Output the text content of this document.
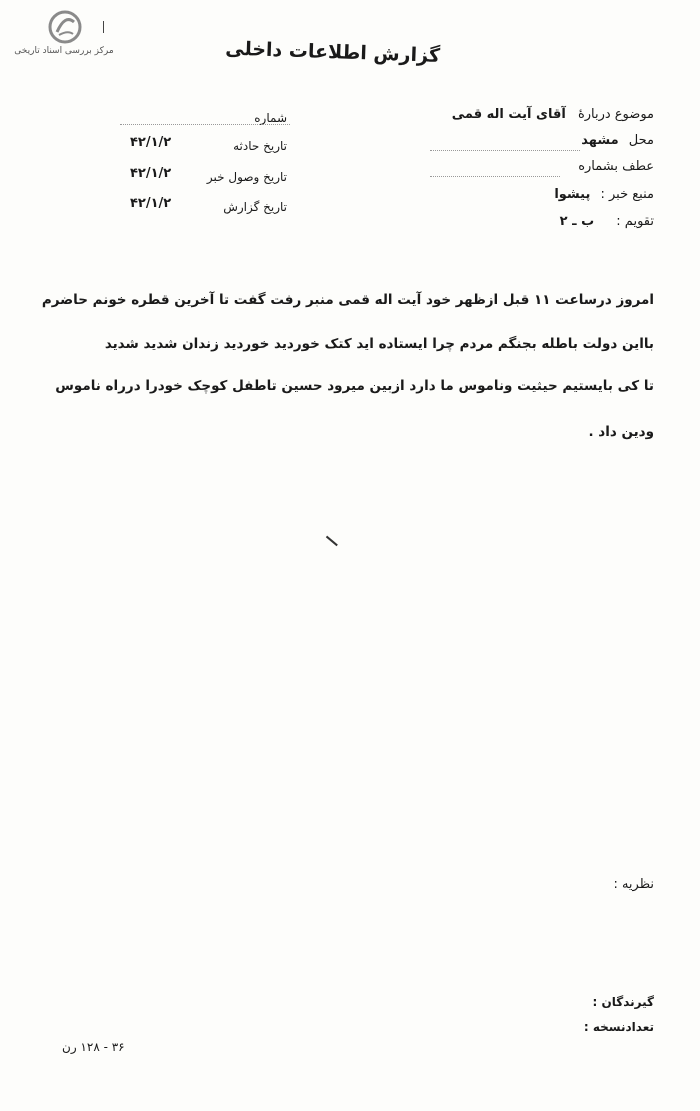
مرکز بررسی اسناد تاریخی	گزارش اطلاعات داخلی
موضوع دربارهٔ آقای آیت اله قمی
محل مشهد
عطف بشماره
منبع خبر : پیشوا
تقویم : ب ـ ۲
شماره
تاریخ حادثه
۴۲/۱/۲
تاریخ وصول خبر
۴۲/۱/۲
تاریخ گزارش
۴۲/۱/۲
امروز درساعت ۱۱ قبل ازظهر خود آیت اله قمی منبر رفت گفت تا آخرین قطره خونم حاضرم
بااین دولت باطله بجنگم مردم چرا ایستاده اید کتک خوردید خوردید زندان شدید شدید
تا کی بایستیم حیثیت وناموس ما دارد ازبین میرود حسین تاطفل کوچک خودرا درراه ناموس
ودین داد .
نظریه :
گیرندگان :
تعدادنسخه :
۳۶ - ۱۲۸ رن
